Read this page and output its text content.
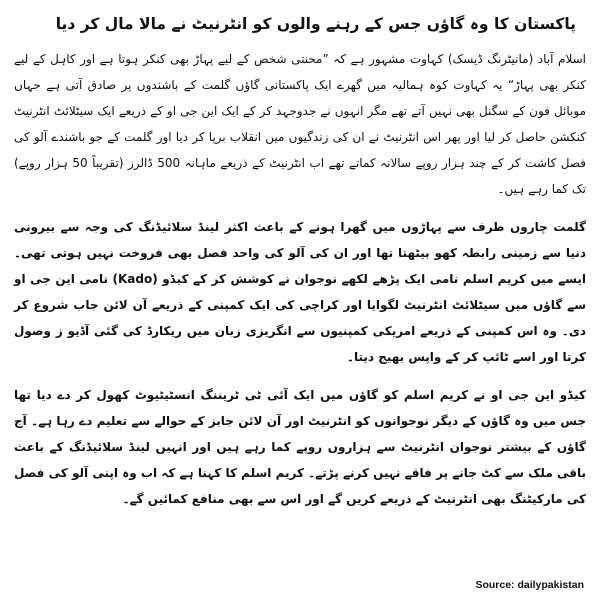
پاکستان کا وہ گاؤں جس کے رہنے والوں کو انٹرنیٹ نے مالا مال کر دیا

اسلام آباد (مانیٹرنگ ڈیسک) کہاوت مشہور ہے کہ ”محنتی شخص کے لیے پہاڑ بھی کنکر ہوتا ہے اور کاہل کے لیے کنکر بھی پہاڑ“ یہ کہاوت کوہ ہمالیہ میں گھرے ایک پاکستانی گاؤں گلمت کے باشندوں پر صادق آتی ہے جہاں موبائل فون کے سگنل بھی نہیں آتے تھے مگر انہوں نے جدوجہد کر کے ایک این جی او کے ذریعے ایک سیٹلائٹ انٹرنیٹ کنکشن حاصل کر لیا اور پھر اس انٹرنیٹ نے ان کی زندگیوں میں انقلاب برپا کر دیا اور گلمت کے جو باشندے آلو کی فصل کاشت کر کے چند ہزار روپے سالانہ کماتے تھے اب انٹرنیٹ کے ذریعے ماہانہ 500 ڈالرز (تقریباً 50 ہزار روپے) تک کما رہے ہیں۔

گلمت چاروں طرف سے پہاڑوں میں گھرا ہونے کے باعث اکثر لینڈ سلائیڈنگ کی وجہ سے بیرونی دنیا سے زمینی رابطہ کھو بیٹھتا تھا اور ان کی آلو کی واحد فصل بھی فروخت نہیں ہوتی تھی۔ ایسے میں کریم اسلم نامی ایک پڑھے لکھے نوجوان نے کوشش کر کے کیڈو (Kado) نامی این جی او سے گاؤں میں سیٹلائٹ انٹرنیٹ لگوایا اور کراچی کی ایک کمپنی کے ذریعے آن لائن جاب شروع کر دی۔ وہ اس کمپنی کے ذریعے امریکی کمپنیوں سے انگریزی زبان میں ریکارڈ کی گئی آڈیو ز وصول کرتا اور اسے ٹائپ کر کے واپس بھیج دیتا۔

کیڈو این جی او نے کریم اسلم کو گاؤں میں ایک آئی ٹی ٹریننگ انسٹیٹیوٹ کھول کر دے دیا تھا جس میں وہ گاؤں کے دیگر نوجوانوں کو انٹرنیٹ اور آن لائن جابز کے حوالے سے تعلیم دے رہا ہے۔ آج گاؤں کے بیشتر نوجوان انٹرنیٹ سے ہزاروں روپے کما رہے ہیں اور انہیں لینڈ سلائیڈنگ کے باعث باقی ملک سے کٹ جانے پر فاقے نہیں کرنے پڑتے۔ کریم اسلم کا کہنا ہے کہ اب وہ اپنی آلو کی فصل کی مارکیٹنگ بھی انٹرنیٹ کے ذریعے کریں گے اور اس سے بھی منافع کمائیں گے۔

Source: dailypakistan
